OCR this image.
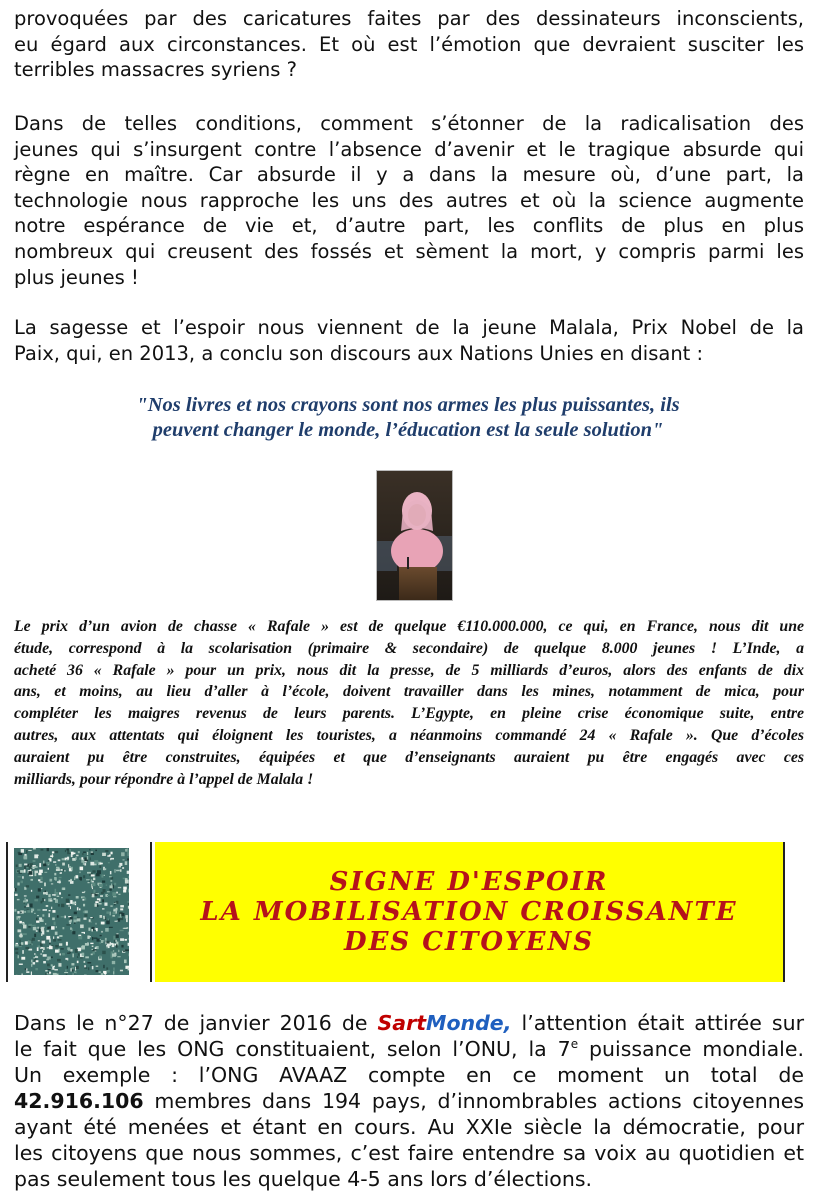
provoquées par des caricatures faites par des dessinateurs inconscients,
eu égard aux circonstances. Et où est l’émotion que devraient susciter les
terribles massacres syriens ?
Dans de telles conditions, comment s’étonner de la radicalisation des
jeunes qui s’insurgent contre l’absence d’avenir et le tragique absurde qui
règne en maître. Car absurde il y a dans la mesure où, d’une part, la
technologie nous rapproche les uns des autres et où la science augmente
notre espérance de vie et, d’autre part, les conflits de plus en plus
nombreux qui creusent des fossés et sèment la mort, y compris parmi les
plus jeunes !
La sagesse et l’espoir nous viennent de la jeune Malala, Prix Nobel de la
Paix, qui, en 2013, a conclu son discours aux Nations Unies en disant :
"Nos livres et nos crayons sont nos armes les plus puissantes, ils
peuvent changer le monde, l’éducation est la seule solution"
Le prix d’un avion de chasse « Rafale » est de quelque €110.000.000, ce qui, en France, nous dit une
étude, correspond à la scolarisation (primaire & secondaire) de quelque 8.000 jeunes ! L’Inde, a
acheté 36 « Rafale » pour un prix, nous dit la presse, de 5 milliards d’euros, alors des enfants de dix
ans, et moins, au lieu d’aller à l’école, doivent travailler dans les mines, notamment de mica, pour
compléter les maigres revenus de leurs parents. L’Egypte, en pleine crise économique suite, entre
autres, aux attentats qui éloignent les touristes, a néanmoins commandé 24 « Rafale ». Que d’écoles
auraient pu être construites, équipées et que d’enseignants auraient pu être engagés avec ces
milliards, pour répondre à l’appel de Malala !
SIGNE D'ESPOIR
LA MOBILISATION CROISSANTE
DES CITOYENS
Dans le n°27 de janvier 2016 de SartMonde, l’attention était attirée sur
le fait que les ONG constituaient, selon l’ONU, la 7e puissance mondiale.
Un exemple : l’ONG AVAAZ compte en ce moment un total de
42.916.106 membres dans 194 pays, d’innombrables actions citoyennes
ayant été menées et étant en cours. Au XXIe siècle la démocratie, pour
les citoyens que nous sommes, c’est faire entendre sa voix au quotidien et
pas seulement tous les quelque 4-5 ans lors d’élections.
